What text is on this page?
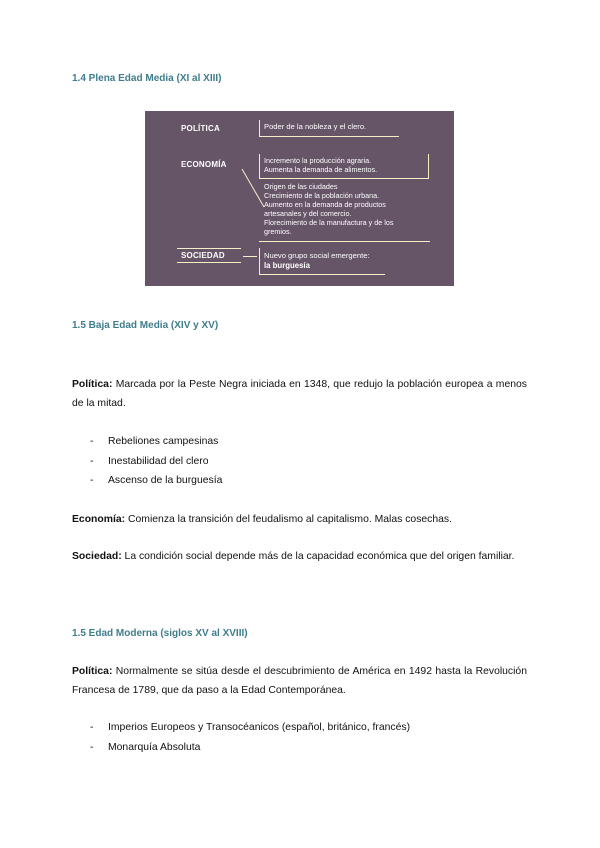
1.4 Plena Edad Media (XI al XIII)
POLÍTICA	Poder de la nobleza y el clero.
ECONOMÍA	Incremento la producción agraria.
Aumenta la demanda de alimentos.
Origen de las ciudades
Crecimiento de la población urbana.
Aumento en la demanda de productos
artesanales y del comercio.
Florecimiento de la manufactura y de los
gremios.
SOCIEDAD	Nuevo grupo social emergente:
la burguesía
1.5 Baja Edad Media (XIV y XV)
Política: Marcada por la Peste Negra iniciada en 1348, que redujo la población europea a menos de la mitad.
- Rebeliones campesinas
- Inestabilidad del clero
- Ascenso de la burguesía
Economía: Comienza la transición del feudalismo al capitalismo. Malas cosechas.
Sociedad: La condición social depende más de la capacidad económica que del origen familiar.
1.5 Edad Moderna (siglos XV al XVIII)
Política: Normalmente se sitúa desde el descubrimiento de América en 1492 hasta la Revolución Francesa de 1789, que da paso a la Edad Contemporánea.
- Imperios Europeos y Transocéanicos (español, británico, francés)
- Monarquía Absoluta
